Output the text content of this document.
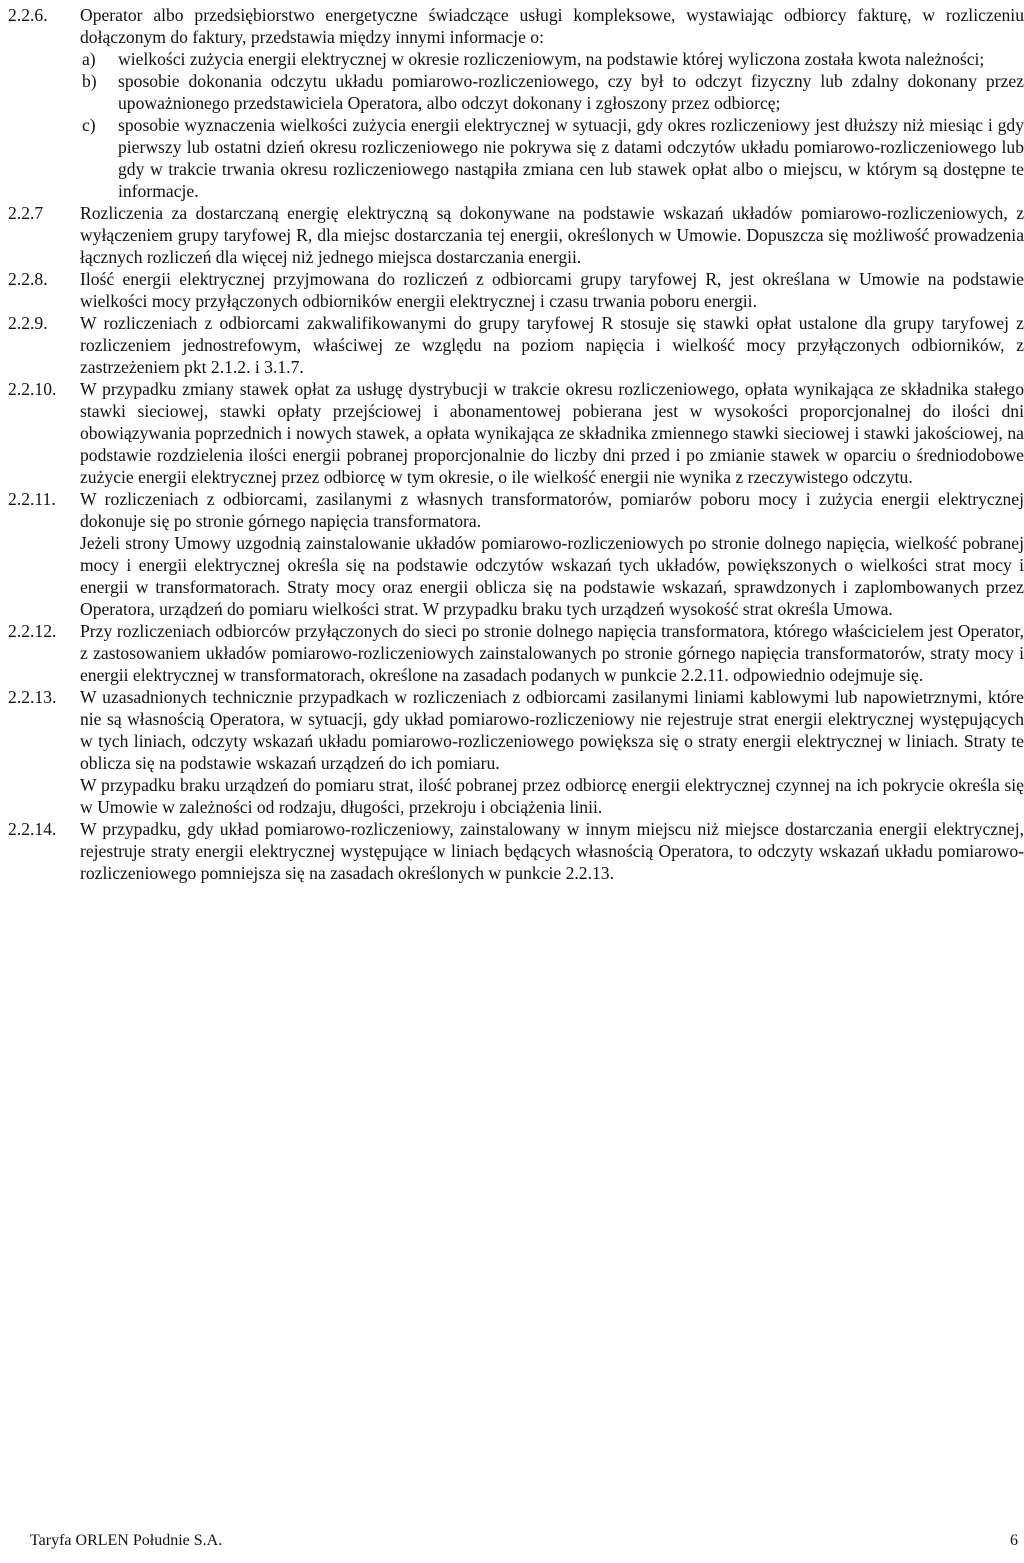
2.2.6.	Operator albo przedsiębiorstwo energetyczne świadczące usługi kompleksowe, wystawiając odbiorcy fakturę, w rozliczeniu dołączonym do faktury, przedstawia między innymi informacje o:

a)	wielkości zużycia energii elektrycznej w okresie rozliczeniowym, na podstawie której wyliczona została kwota należności;

b)	sposobie dokonania odczytu układu pomiarowo-rozliczeniowego, czy był to odczyt fizyczny lub zdalny dokonany przez upoważnionego przedstawiciela Operatora, albo odczyt dokonany i zgłoszony przez odbiorcę;

c)	sposobie wyznaczenia wielkości zużycia energii elektrycznej w sytuacji, gdy okres rozliczeniowy jest dłuższy niż miesiąc i gdy pierwszy lub ostatni dzień okresu rozliczeniowego nie pokrywa się z datami odczytów układu pomiarowo-rozliczeniowego lub gdy w trakcie trwania okresu rozliczeniowego nastąpiła zmiana cen lub stawek opłat albo o miejscu, w którym są dostępne te informacje.

2.2.7	Rozliczenia za dostarczaną energię elektryczną są dokonywane na podstawie wskazań układów pomiarowo-rozliczeniowych, z wyłączeniem grupy taryfowej R, dla miejsc dostarczania tej energii, określonych w Umowie. Dopuszcza się możliwość prowadzenia łącznych rozliczeń dla więcej niż jednego miejsca dostarczania energii.

2.2.8.	Ilość energii elektrycznej przyjmowana do rozliczeń z odbiorcami grupy taryfowej R, jest określana w Umowie na podstawie wielkości mocy przyłączonych odbiorników energii elektrycznej i czasu trwania poboru energii.

2.2.9.	W rozliczeniach z odbiorcami zakwalifikowanymi do grupy taryfowej R stosuje się stawki opłat ustalone dla grupy taryfowej z rozliczeniem jednostrefowym, właściwej ze względu na poziom napięcia i wielkość mocy przyłączonych odbiorników, z zastrzeżeniem pkt 2.1.2. i 3.1.7.

2.2.10.	W przypadku zmiany stawek opłat za usługę dystrybucji w trakcie okresu rozliczeniowego, opłata wynikająca ze składnika stałego stawki sieciowej, stawki opłaty przejściowej i abonamentowej pobierana jest w wysokości proporcjonalnej do ilości dni obowiązywania poprzednich i nowych stawek, a opłata wynikająca ze składnika zmiennego stawki sieciowej i stawki jakościowej, na podstawie rozdzielenia ilości energii pobranej proporcjonalnie do liczby dni przed i po zmianie stawek w oparciu o średniodobowe zużycie energii elektrycznej przez odbiorcę w tym okresie, o ile wielkość energii nie wynika z rzeczywistego odczytu.

2.2.11.	W rozliczeniach z odbiorcami, zasilanymi z własnych transformatorów, pomiarów poboru mocy i zużycia energii elektrycznej dokonuje się po stronie górnego napięcia transformatora.

Jeżeli strony Umowy uzgodnią zainstalowanie układów pomiarowo-rozliczeniowych po stronie dolnego napięcia, wielkość pobranej mocy i energii elektrycznej określa się na podstawie odczytów wskazań tych układów, powiększonych o wielkości strat mocy i energii w transformatorach. Straty mocy oraz energii oblicza się na podstawie wskazań, sprawdzonych i zaplombowanych przez Operatora, urządzeń do pomiaru wielkości strat. W przypadku braku tych urządzeń wysokość strat określa Umowa.

2.2.12.	Przy rozliczeniach odbiorców przyłączonych do sieci po stronie dolnego napięcia transformatora, którego właścicielem jest Operator, z zastosowaniem układów pomiarowo-rozliczeniowych zainstalowanych po stronie górnego napięcia transformatorów, straty mocy i energii elektrycznej w transformatorach, określone na zasadach podanych w punkcie 2.2.11. odpowiednio odejmuje się.

2.2.13.	W uzasadnionych technicznie przypadkach w rozliczeniach z odbiorcami zasilanymi liniami kablowymi lub napowietrznymi, które nie są własnością Operatora, w sytuacji, gdy układ pomiarowo-rozliczeniowy nie rejestruje strat energii elektrycznej występujących w tych liniach, odczyty wskazań układu pomiarowo-rozliczeniowego powiększa się o straty energii elektrycznej w liniach. Straty te oblicza się na podstawie wskazań urządzeń do ich pomiaru.

W przypadku braku urządzeń do pomiaru strat, ilość pobranej przez odbiorcę energii elektrycznej czynnej na ich pokrycie określa się w Umowie w zależności od rodzaju, długości, przekroju i obciążenia linii.

2.2.14.	W przypadku, gdy układ pomiarowo-rozliczeniowy, zainstalowany w innym miejscu niż miejsce dostarczania energii elektrycznej, rejestruje straty energii elektrycznej występujące w liniach będących własnością Operatora, to odczyty wskazań układu pomiarowo-rozliczeniowego pomniejsza się na zasadach określonych w punkcie 2.2.13.

Taryfa ORLEN Południe S.A.	6
